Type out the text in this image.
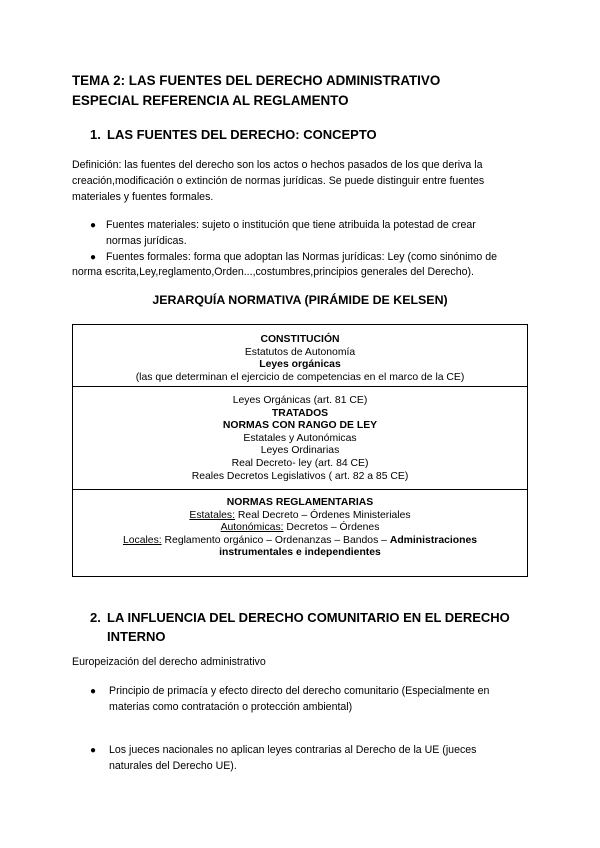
TEMA 2: LAS FUENTES DEL DERECHO ADMINISTRATIVO
ESPECIAL REFERENCIA AL REGLAMENTO
1. LAS FUENTES DEL DERECHO: CONCEPTO
Definición: las fuentes del derecho son los actos o hechos pasados de los que deriva la
creación,modificación o extinción de normas jurídicas. Se puede distinguir entre fuentes
materiales y fuentes formales.
● Fuentes materiales: sujeto o institución que tiene atribuida la potestad de crear
normas jurídicas.
● Fuentes formales: forma que adoptan las Normas jurídicas: Ley (como sinónimo de
norma escrita,Ley,reglamento,Orden...,costumbres,principios generales del Derecho).
JERARQUÍA NORMATIVA (PIRÁMIDE DE KELSEN)
CONSTITUCIÓN
Estatutos de Autonomía
Leyes orgánicas
(las que determinan el ejercicio de competencias en el marco de la CE)
Leyes Orgánicas (art. 81 CE)
TRATADOS
NORMAS CON RANGO DE LEY
Estatales y Autonómicas
Leyes Ordinarias
Real Decreto- ley (art. 84 CE)
Reales Decretos Legislativos ( art. 82 a 85 CE)
NORMAS REGLAMENTARIAS
Estatales: Real Decreto – Órdenes Ministeriales
Autonómicas: Decretos – Órdenes
Locales: Reglamento orgánico – Ordenanzas – Bandos – Administraciones
instrumentales e independientes
2. LA INFLUENCIA DEL DERECHO COMUNITARIO EN EL DERECHO
INTERNO
Europeización del derecho administrativo
● Principio de primacía y efecto directo del derecho comunitario (Especialmente en
materias como contratación o protección ambiental)
● Los jueces nacionales no aplican leyes contrarias al Derecho de la UE (jueces
naturales del Derecho UE).
